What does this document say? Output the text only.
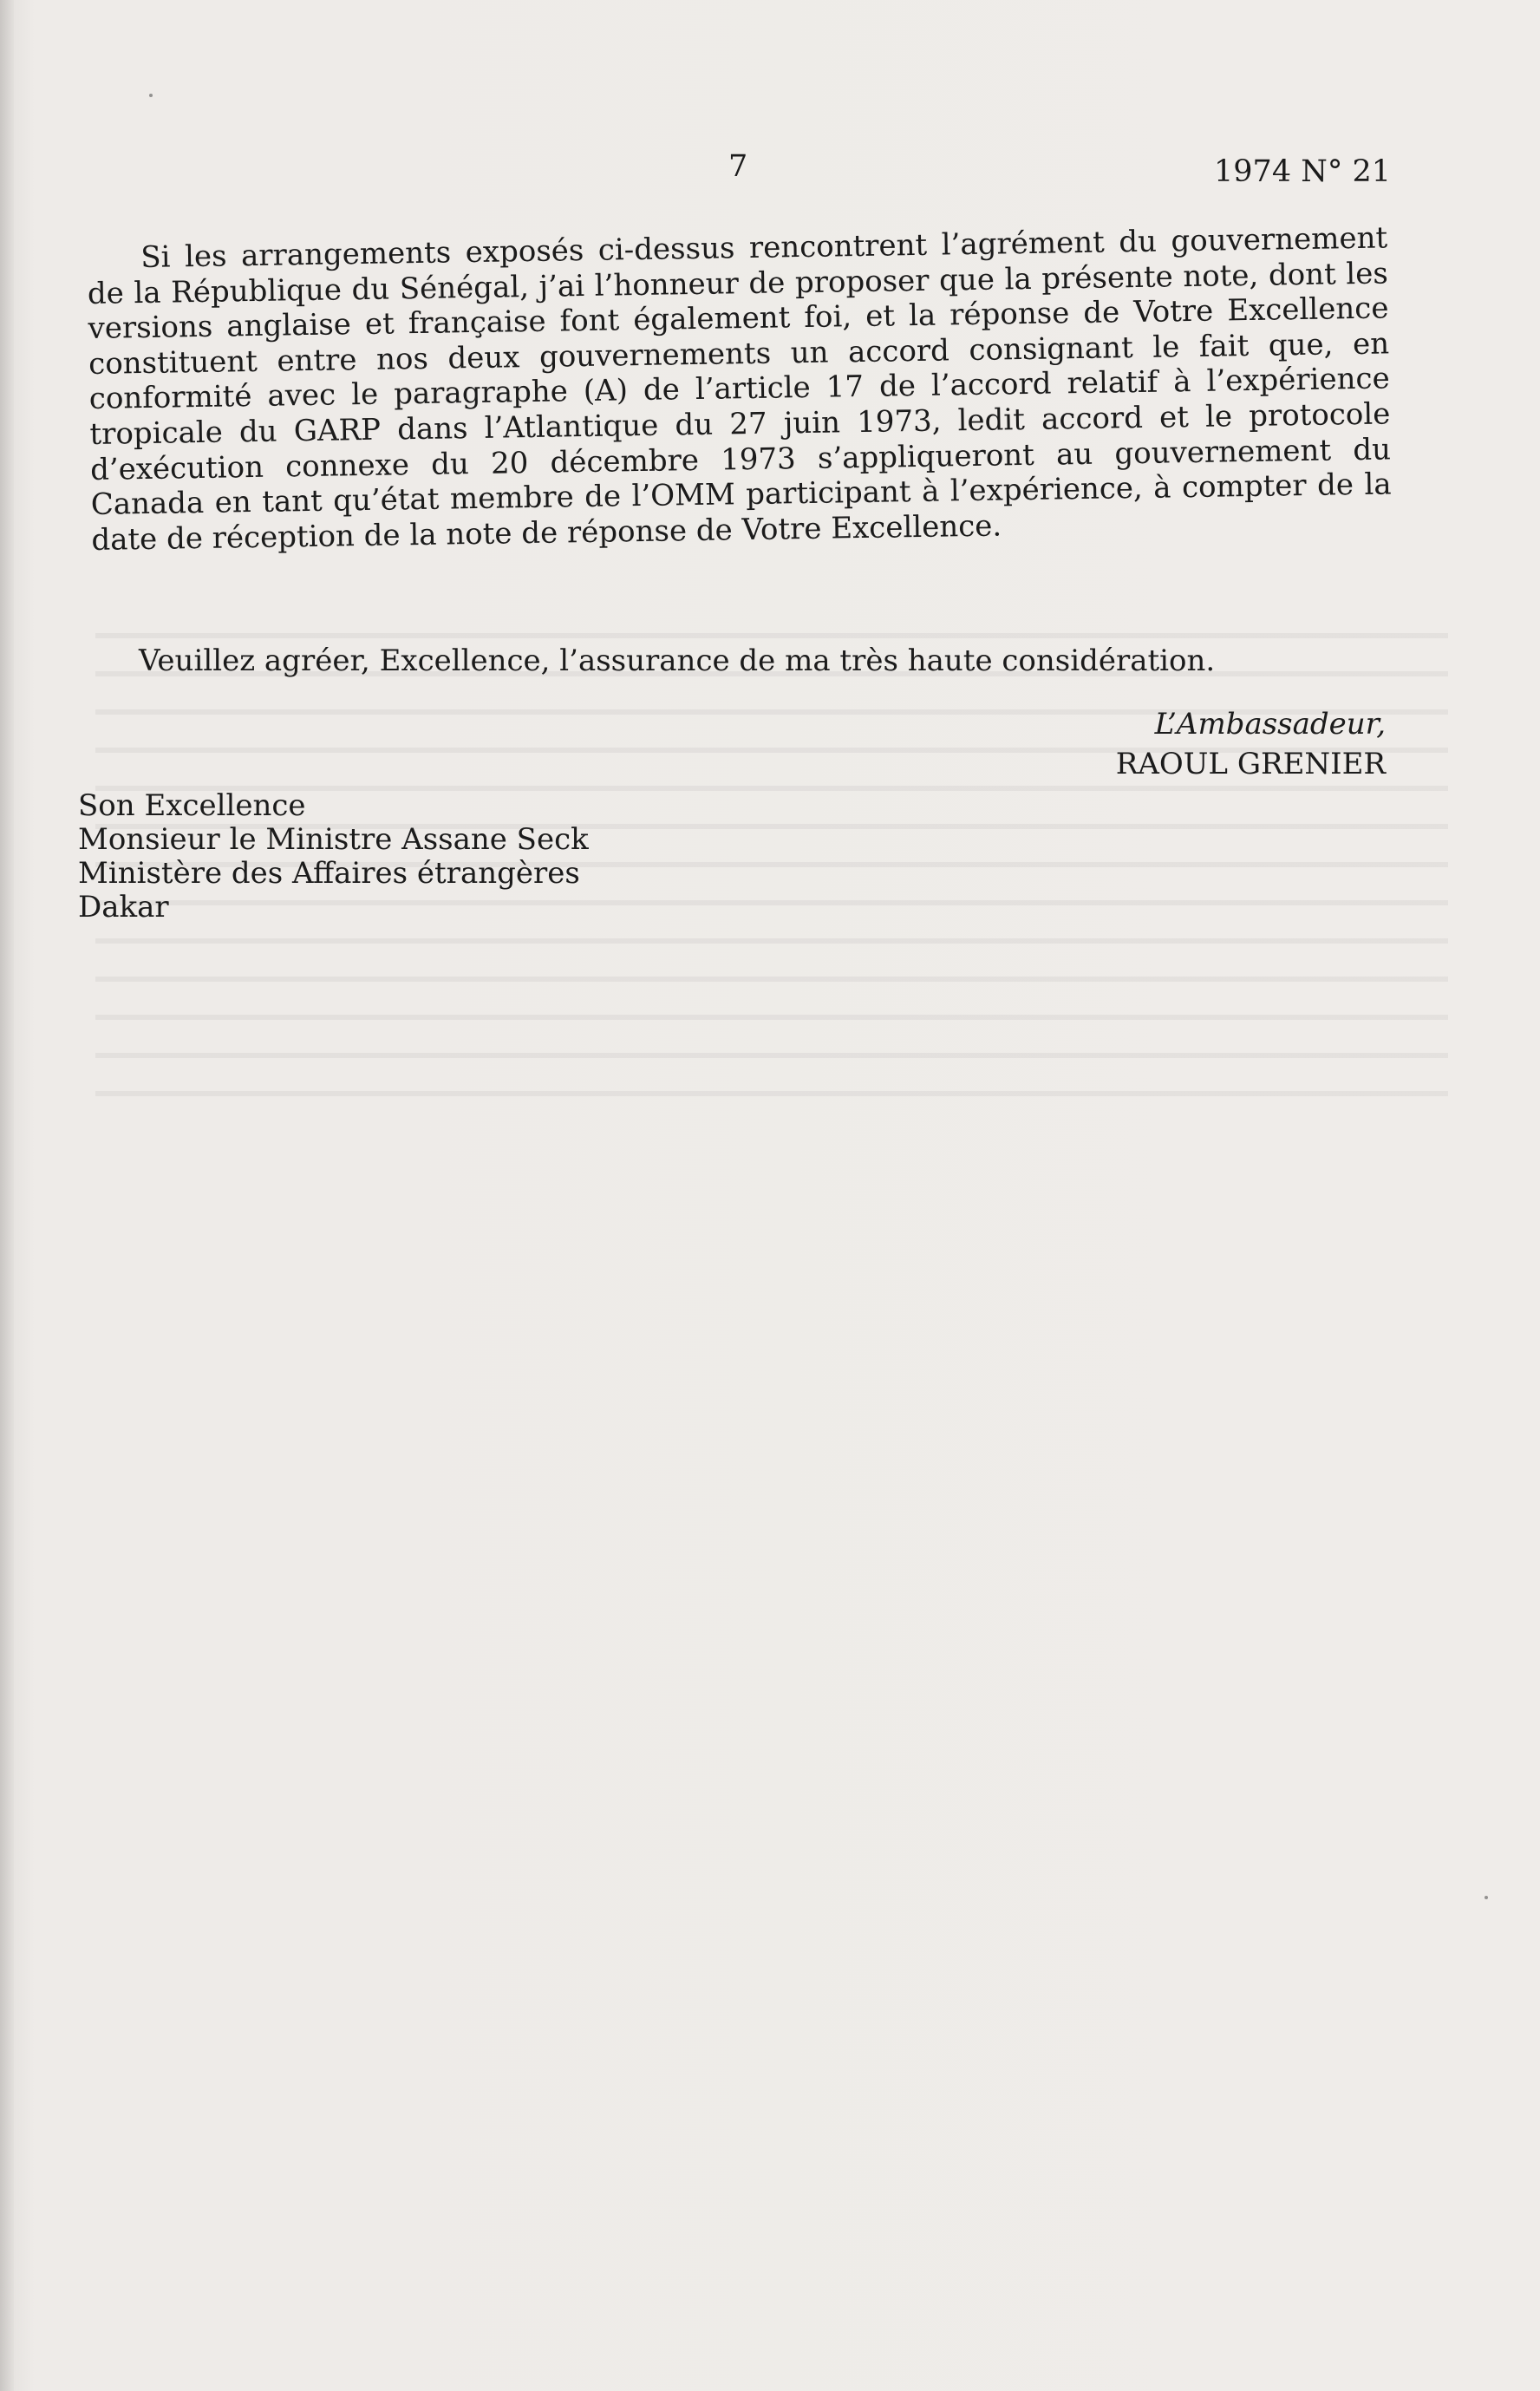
7	1974 N° 21

Si les arrangements exposés ci-dessus rencontrent l’agrément du gouvernement de la République du Sénégal, j’ai l’honneur de proposer que la présente note, dont les versions anglaise et française font également foi, et la réponse de Votre Excellence constituent entre nos deux gouvernements un accord consignant le fait que, en conformité avec le paragraphe (A) de l’article 17 de l’accord relatif à l’expérience tropicale du GARP dans l’Atlantique du 27 juin 1973, ledit accord et le protocole d’exécution connexe du 20 décembre 1973 s’appliqueront au gouvernement du Canada en tant qu’état membre de l’OMM participant à l’expérience, à compter de la date de réception de la note de réponse de Votre Excellence.

Veuillez agréer, Excellence, l’assurance de ma très haute considération.
L’Ambassadeur,
RAOUL GRENIER
Son Excellence
Monsieur le Ministre Assane Seck
Ministère des Affaires étrangères
Dakar
